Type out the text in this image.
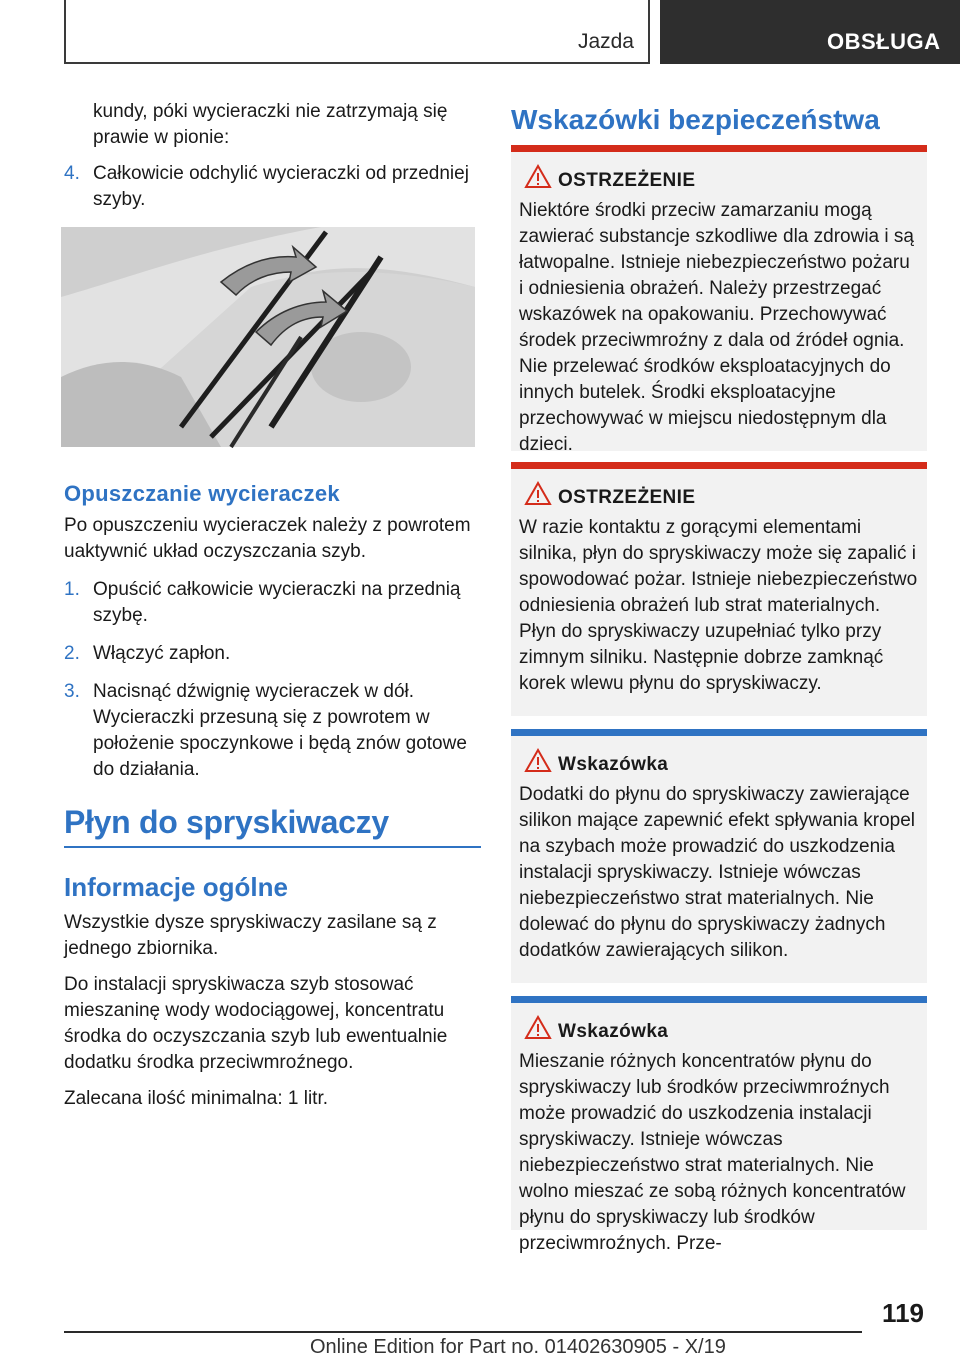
Jazda	OBSŁUGA

kundy, póki wycieraczki nie zatrzymają się prawie w pionie:

4. Całkowicie odchylić wycieraczki od przedniej szyby.
Opuszczanie wycieraczek

Po opuszczeniu wycieraczek należy z powrotem uaktywnić układ oczyszczania szyb.

1. Opuścić całkowicie wycieraczki na przednią szybę.
2. Włączyć zapłon.
3. Nacisnąć dźwignię wycieraczek w dół. Wycieraczki przesuną się z powrotem w położenie spoczynkowe i będą znów gotowe do działania.
Płyn do spryskiwaczy
Informacje ogólne

Wszystkie dysze spryskiwaczy zasilane są z jednego zbiornika.

Do instalacji spryskiwacza szyb stosować mieszaninę wody wodociągowej, koncentratu środka do oczyszczania szyb lub ewentualnie dodatku środka przeciwmroźnego.

Zalecana ilość minimalna: 1 litr.

Wskazówki bezpieczeństwa
OSTRZEŻENIE
Niektóre środki przeciw zamarzaniu mogą zawierać substancje szkodliwe dla zdrowia i są łatwopalne. Istnieje niebezpieczeństwo pożaru i odniesienia obrażeń. Należy przestrzegać wskazówek na opakowaniu. Przechowywać środek przeciwmroźny z dala od źródeł ognia. Nie przelewać środków eksploatacyjnych do innych butelek. Środki eksploatacyjne przechowywać w miejscu niedostępnym dla dzieci.
OSTRZEŻENIE
W razie kontaktu z gorącymi elementami silnika, płyn do spryskiwaczy może się zapalić i spowodować pożar. Istnieje niebezpieczeństwo odniesienia obrażeń lub strat materialnych. Płyn do spryskiwaczy uzupełniać tylko przy zimnym silniku. Następnie dobrze zamknąć korek wlewu płynu do spryskiwaczy.
Wskazówka
Dodatki do płynu do spryskiwaczy zawierające silikon mające zapewnić efekt spływania kropel na szybach może prowadzić do uszkodzenia instalacji spryskiwaczy. Istnieje wówczas niebezpieczeństwo strat materialnych. Nie dolewać do płynu do spryskiwaczy żadnych dodatków zawierających silikon.
Wskazówka
Mieszanie różnych koncentratów płynu do spryskiwaczy lub środków przeciwmroźnych może prowadzić do uszkodzenia instalacji spryskiwaczy. Istnieje wówczas niebezpieczeństwo strat materialnych. Nie wolno mieszać ze sobą różnych koncentratów płynu do spryskiwaczy lub środków przeciwmroźnych. Prze-
119
Online Edition for Part no. 01402630905 - X/19
